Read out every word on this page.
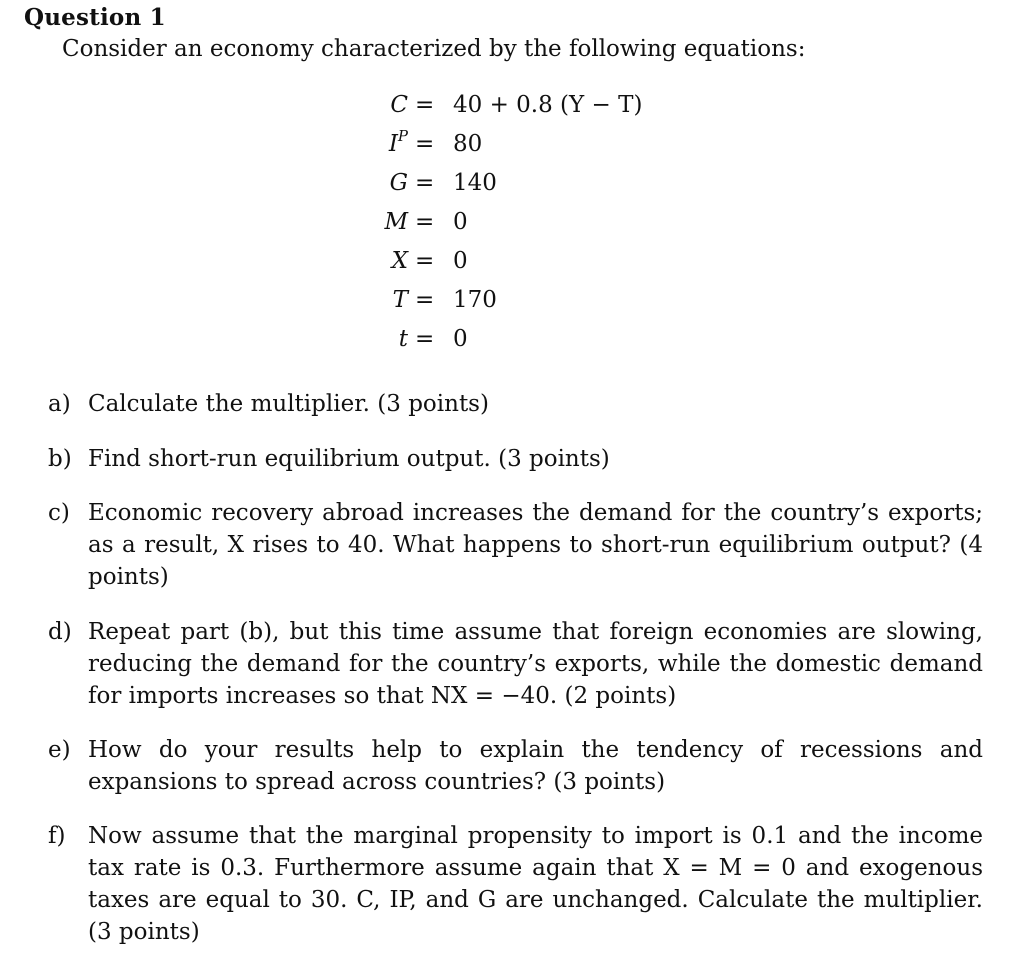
Question 1
Consider an economy characterized by the following equations:
C = 40 + 0.8 (Y − T)
$I^P = 80$
G = 140
M = 0
X = 0
T = 170
t = 0
a) Calculate the multiplier. (3 points)
b) Find short-run equilibrium output. (3 points)
c) Economic recovery abroad increases the demand for the country’s exports; as a result, X rises to 40. What happens to short-run equilibrium output? (4 points)
d) Repeat part (b), but this time assume that foreign economies are slowing, reducing the demand for the country’s exports, while the domestic demand for imports increases so that NX = −40. (2 points)
e) How do your results help to explain the tendency of recessions and expansions to spread across countries? (3 points)
f) Now assume that the marginal propensity to import is 0.1 and the income tax rate is 0.3. Furthermore assume again that X = M = 0 and exogenous taxes are equal to 30. C, IP, and G are unchanged. Calculate the multiplier. (3 points)
